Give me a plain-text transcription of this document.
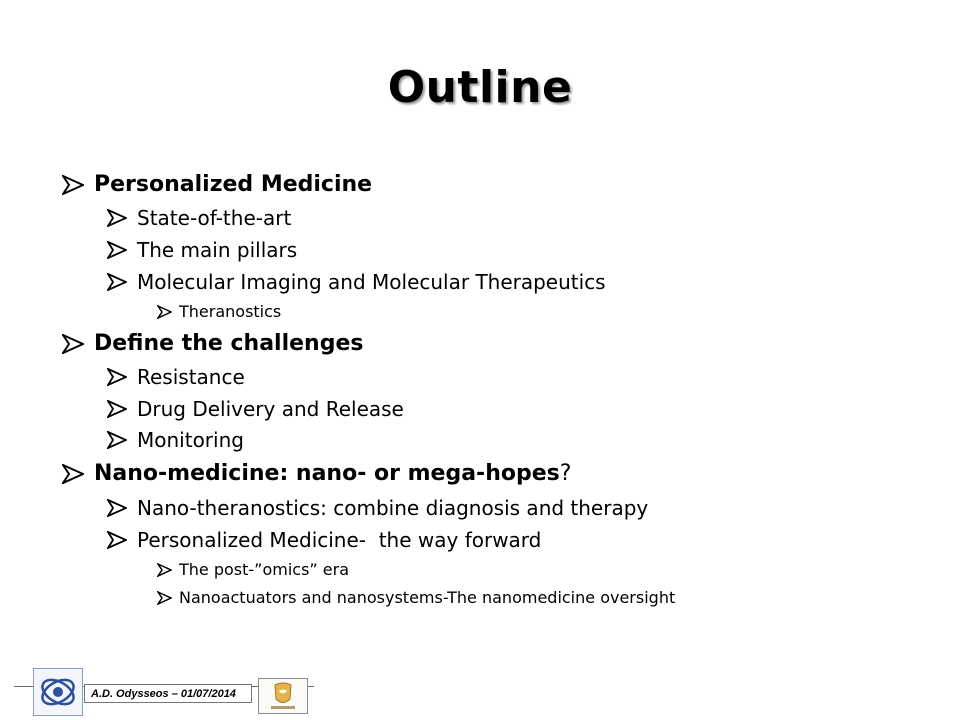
Outline
Personalized Medicine
State-of-the-art
The main pillars
Molecular Imaging and Molecular Therapeutics
Theranostics
Define the challenges
Resistance
Drug Delivery and Release
Monitoring
Nano-medicine: nano- or mega-hopes ?
Nano-theranostics: combine diagnosis and therapy
Personalized Medicine-  the way forward
The post-”omics” era
Nanoactuators and nanosystems-The nanomedicine oversight
A.D. Odysseos – 01/07/2014
